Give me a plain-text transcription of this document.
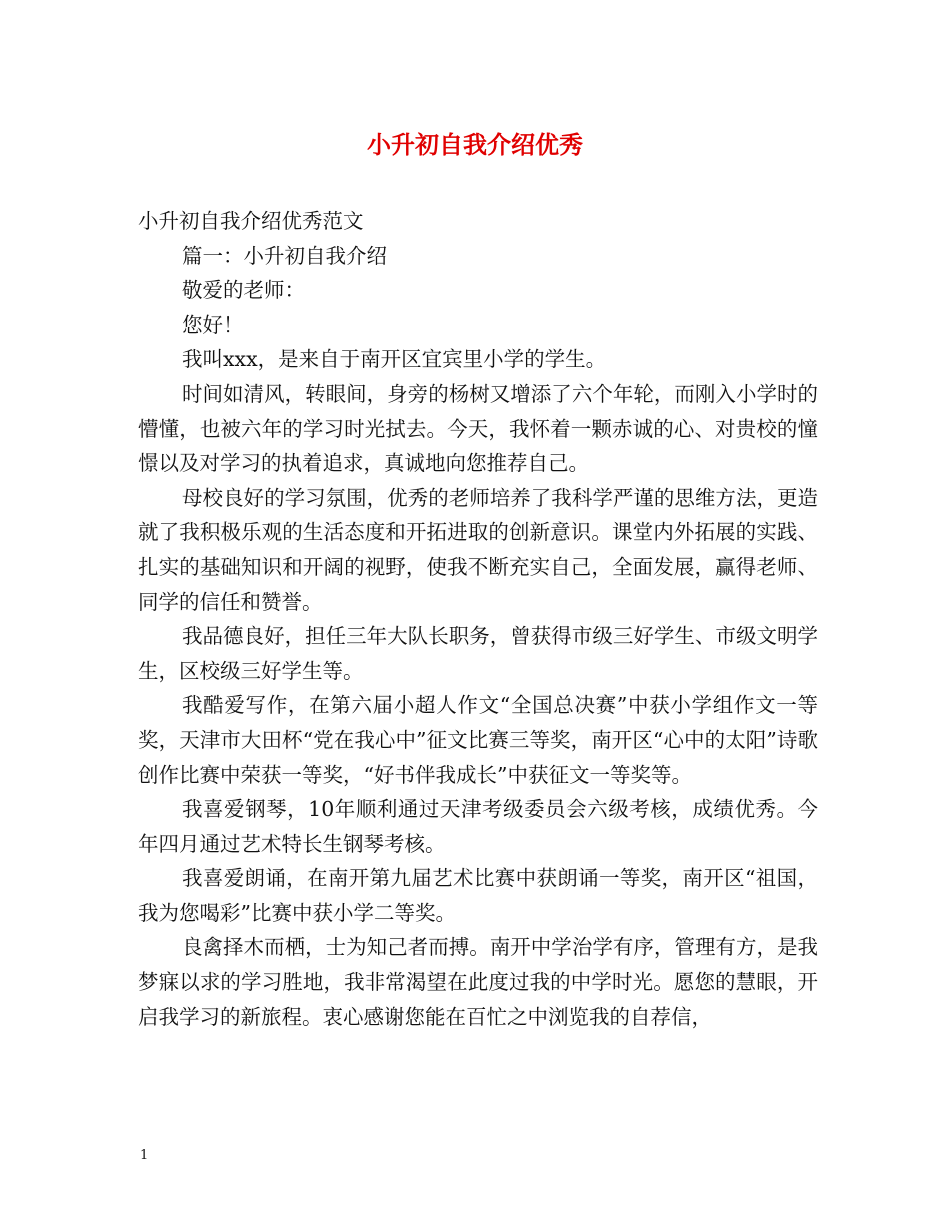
小升初自我介绍优秀

小升初自我介绍优秀范文

篇一：小升初自我介绍

敬爱的老师：

您好！

我叫xxx，是来自于南开区宜宾里小学的学生。

时间如清风，转眼间，身旁的杨树又增添了六个年轮，而刚入小学时的懵懂，也被六年的学习时光拭去。今天，我怀着一颗赤诚的心、对贵校的憧憬以及对学习的执着追求，真诚地向您推荐自己。

母校良好的学习氛围，优秀的老师培养了我科学严谨的思维方法，更造就了我积极乐观的生活态度和开拓进取的创新意识。课堂内外拓展的实践、扎实的基础知识和开阔的视野，使我不断充实自己，全面发展，赢得老师、同学的信任和赞誉。

我品德良好，担任三年大队长职务，曾获得市级三好学生、市级文明学生，区校级三好学生等。

我酷爱写作，在第六届小超人作文“全国总决赛”中获小学组作文一等奖，天津市大田杯“党在我心中”征文比赛三等奖，南开区“心中的太阳”诗歌创作比赛中荣获一等奖，“好书伴我成长”中获征文一等奖等。

我喜爱钢琴，10年顺利通过天津考级委员会六级考核，成绩优秀。今年四月通过艺术特长生钢琴考核。

我喜爱朗诵，在南开第九届艺术比赛中获朗诵一等奖，南开区“祖国，我为您喝彩”比赛中获小学二等奖。

良禽择木而栖，士为知己者而搏。南开中学治学有序，管理有方，是我梦寐以求的学习胜地，我非常渴望在此度过我的中学时光。愿您的慧眼，开启我学习的新旅程。衷心感谢您能在百忙之中浏览我的自荐信，

1
